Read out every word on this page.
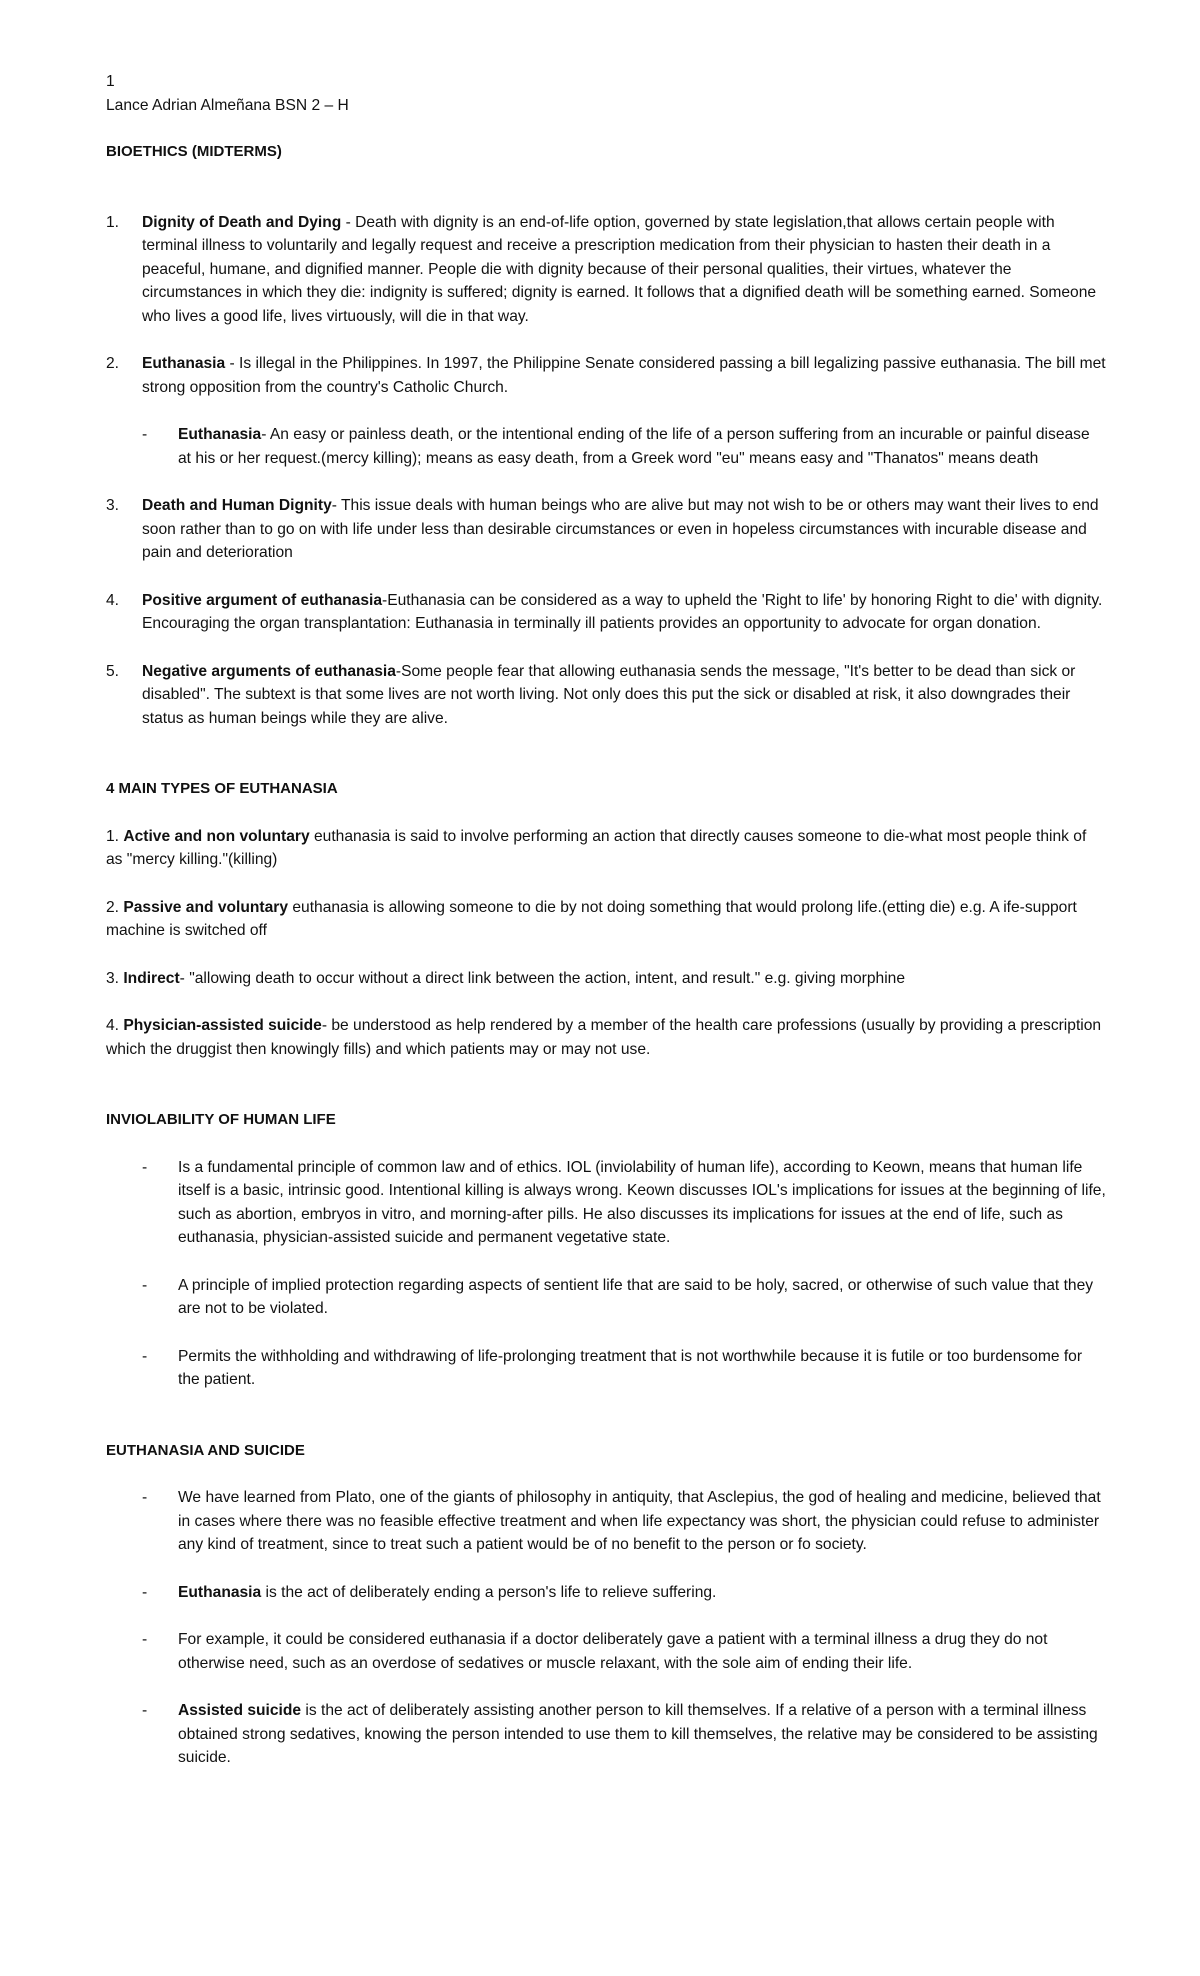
1

Lance Adrian Almeñana BSN 2 – H

BIOETHICS (MIDTERMS)

1.	Dignity of Death and Dying - Death with dignity is an end-of-life option, governed by state legislation,that allows certain people with terminal illness to voluntarily and legally request and receive a prescription medication from their physician to hasten their death in a peaceful, humane, and dignified manner. People die with dignity because of their personal qualities, their virtues, whatever the circumstances in which they die: indignity is suffered; dignity is earned. It follows that a dignified death will be something earned. Someone who lives a good life, lives virtuously, will die in that way.
2.	Euthanasia - Is illegal in the Philippines. In 1997, the Philippine Senate considered passing a bill legalizing passive euthanasia. The bill met strong opposition from the country's Catholic Church.
-	Euthanasia- An easy or painless death, or the intentional ending of the life of a person suffering from an incurable or painful disease at his or her request.(mercy killing); means as easy death, from a Greek word "eu" means easy and "Thanatos" means death
3.	Death and Human Dignity- This issue deals with human beings who are alive but may not wish to be or others may want their lives to end soon rather than to go on with life under less than desirable circumstances or even in hopeless circumstances with incurable disease and pain and deterioration
4.	Positive argument of euthanasia-Euthanasia can be considered as a way to upheld the 'Right to life' by honoring Right to die' with dignity. Encouraging the organ transplantation: Euthanasia in terminally ill patients provides an opportunity to advocate for organ donation.
5.	Negative arguments of euthanasia-Some people fear that allowing euthanasia sends the message, "It's better to be dead than sick or disabled". The subtext is that some lives are not worth living. Not only does this put the sick or disabled at risk, it also downgrades their status as human beings while they are alive.

4 MAIN TYPES OF EUTHANASIA

1. Active and non voluntary euthanasia is said to involve performing an action that directly causes someone to die-what most people think of as "mercy killing."(killing)

2. Passive and voluntary euthanasia is allowing someone to die by not doing something that would prolong life.(etting die) e.g. A ife-support machine is switched off

3. Indirect- "allowing death to occur without a direct link between the action, intent, and result." e.g. giving morphine

4. Physician-assisted suicide- be understood as help rendered by a member of the health care professions (usually by providing a prescription which the druggist then knowingly fills) and which patients may or may not use.

INVIOLABILITY OF HUMAN LIFE

-	Is a fundamental principle of common law and of ethics. IOL (inviolability of human life), according to Keown, means that human life itself is a basic, intrinsic good. Intentional killing is always wrong. Keown discusses IOL's implications for issues at the beginning of life, such as abortion, embryos in vitro, and morning-after pills. He also discusses its implications for issues at the end of life, such as euthanasia, physician-assisted suicide and permanent vegetative state.
-	A principle of implied protection regarding aspects of sentient life that are said to be holy, sacred, or otherwise of such value that they are not to be violated.
-	Permits the withholding and withdrawing of life-prolonging treatment that is not worthwhile because it is futile or too burdensome for the patient.

EUTHANASIA AND SUICIDE

-	We have learned from Plato, one of the giants of philosophy in antiquity, that Asclepius, the god of healing and medicine, believed that in cases where there was no feasible effective treatment and when life expectancy was short, the physician could refuse to administer any kind of treatment, since to treat such a patient would be of no benefit to the person or fo society.
-	Euthanasia is the act of deliberately ending a person's life to relieve suffering.
-	For example, it could be considered euthanasia if a doctor deliberately gave a patient with a terminal illness a drug they do not otherwise need, such as an overdose of sedatives or muscle relaxant, with the sole aim of ending their life.
-	Assisted suicide is the act of deliberately assisting another person to kill themselves. If a relative of a person with a terminal illness obtained strong sedatives, knowing the person intended to use them to kill themselves, the relative may be considered to be assisting suicide.
